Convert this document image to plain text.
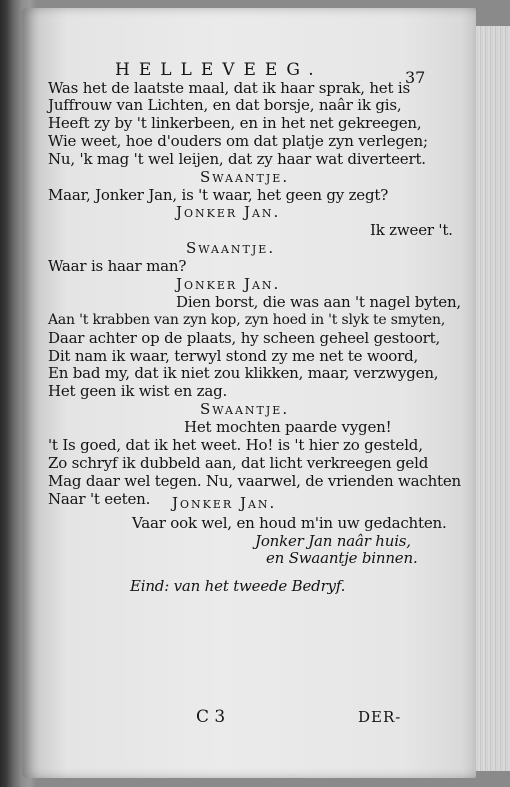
HELLEVEEG.	37
Was het de laatste maal, dat ik haar sprak, het is
Juffrouw van Lichten, en dat borsje, naâr ik gis,
Heeft zy by 't linkerbeen, en in het net gekreegen,
Wie weet, hoe d'ouders om dat platje zyn verlegen;
Nu, 'k mag 't wel leijen, dat zy haar wat diverteert.
Swaantje.
Maar, Jonker Jan, is 't waar, het geen gy zegt?
Jonker Jan.
Ik zweer 't.
Swaantje.
Waar is haar man?
Jonker Jan.
Dien borst, die was aan 't nagel byten,
Aan 't krabben van zyn kop, zyn hoed in 't slyk te smyten,
Daar achter op de plaats, hy scheen geheel gestoort,
Dit nam ik waar, terwyl stond zy me net te woord,
En bad my, dat ik niet zou klikken, maar, verzwygen,
Het geen ik wist en zag.
Swaantje.
Het mochten paarde vygen!
't Is goed, dat ik het weet. Ho! is 't hier zo gesteld,
Zo schryf ik dubbeld aan, dat licht verkreegen geld
Mag daar wel tegen. Nu, vaarwel, de vrienden wachten
Naar 't eeten. Jonker Jan.
Vaar ook wel, en houd m'in uw gedachten.
Jonker Jan naâr huis,
en Swaantje binnen.
Eind: van het tweede Bedryf.
C 3	DER-
